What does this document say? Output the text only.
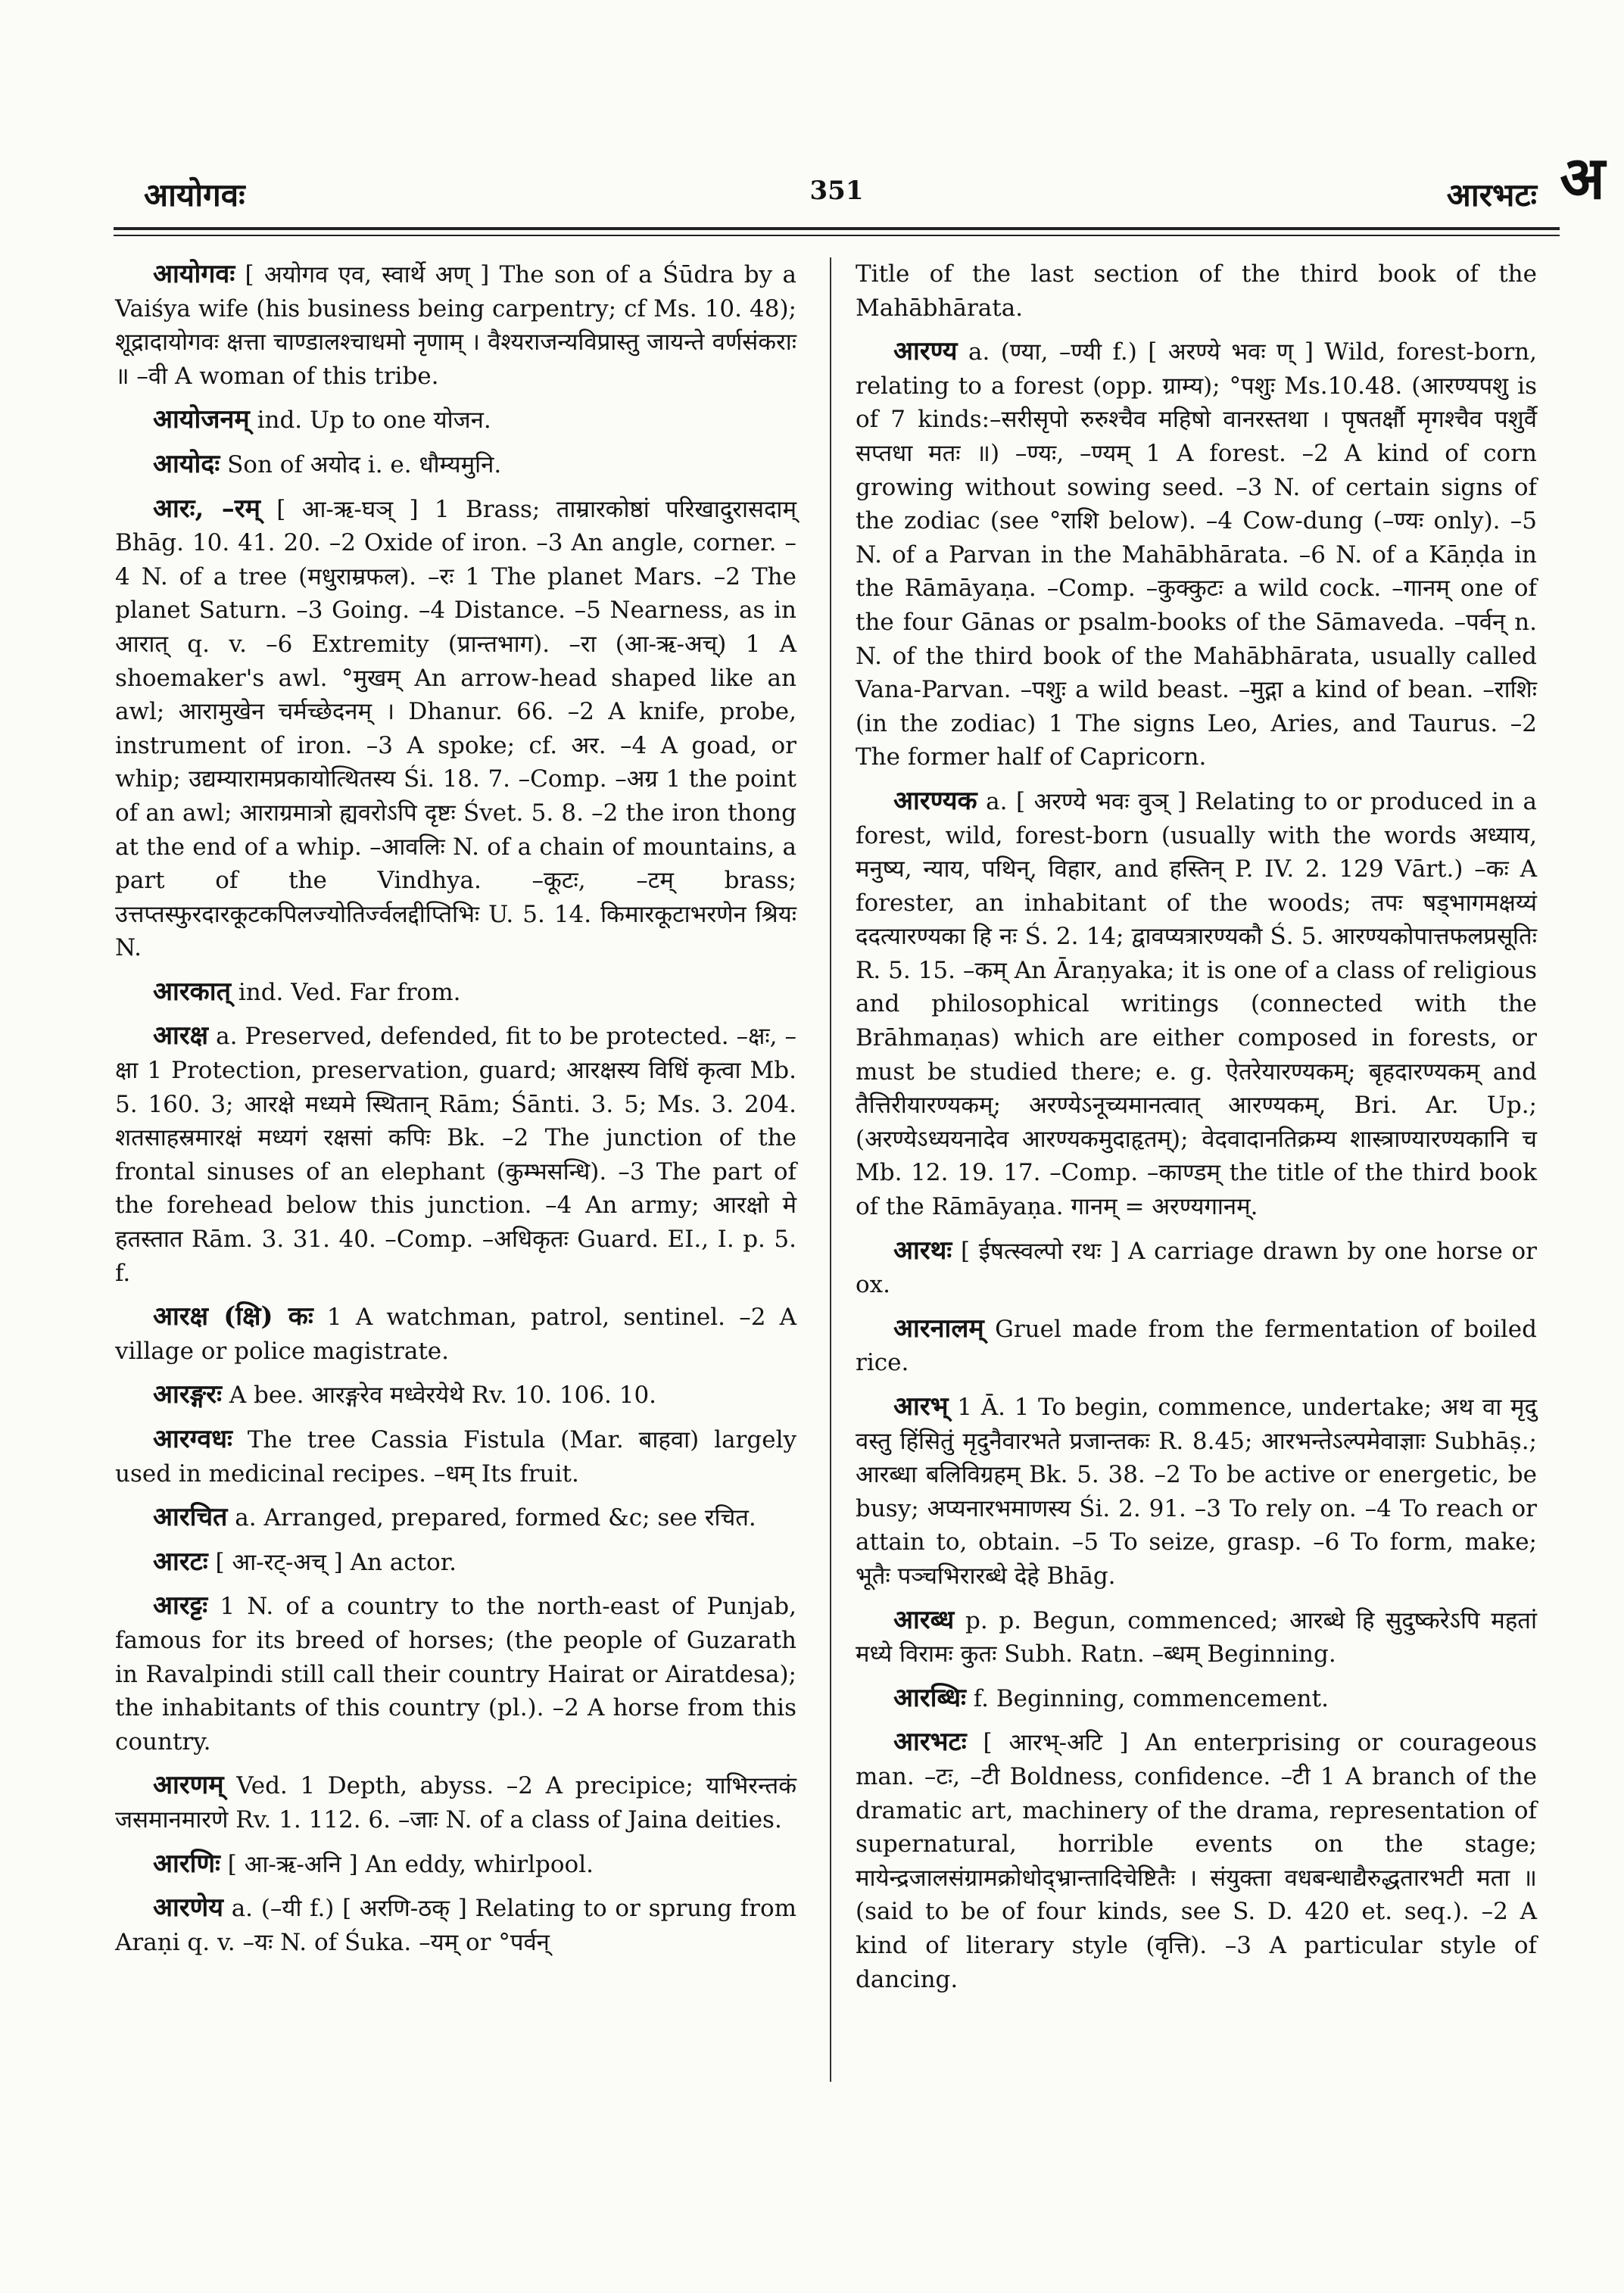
आयोगवः	351	आरभटः अ

आयोगवः [ अयोगव एव, स्वार्थे अण् ] The son of a Śūdra by a Vaiśya wife (his business being carpentry; cf Ms. 10. 48); शूद्रादायोगवः क्षत्ता चाण्डालश्चाधमो नृणाम् । वैश्यराजन्यविप्रास्तु जायन्ते वर्णसंकराः ॥ –वी A woman of this tribe.

आयोजनम् ind. Up to one योजन.

आयोदः Son of अयोद i. e. धौम्यमुनि.

आरः, –रम् [ आ-ऋ-घञ् ] 1 Brass; ताम्रारकोष्ठां परिखादुरासदाम् Bhāg. 10. 41. 20. –2 Oxide of iron. –3 An angle, corner. –4 N. of a tree (मधुराम्रफल). –रः 1 The planet Mars. –2 The planet Saturn. –3 Going. –4 Distance. –5 Nearness, as in आरात् q. v. –6 Extremity (प्रान्तभाग). –रा (आ-ऋ-अच्) 1 A shoemaker's awl. °मुखम् An arrow-head shaped like an awl; आरामुखेन चर्मच्छेदनम् । Dhanur. 66. –2 A knife, probe, instrument of iron. –3 A spoke; cf. अर. –4 A goad, or whip; उद्यम्यारामप्रकायोत्थितस्य Śi. 18. 7. –Comp. –अग्र 1 the point of an awl; आराग्रमात्रो ह्यवरोऽपि दृष्टः Śvet. 5. 8. –2 the iron thong at the end of a whip. –आवलिः N. of a chain of mountains, a part of the Vindhya. –कूटः, –टम् brass; उत्तप्तस्फुरदारकूटकपिलज्योतिर्ज्वलद्दीप्तिभिः U. 5. 14. किमारकूटाभरणेन श्रियः N.

आरकात् ind. Ved. Far from.

आरक्ष a. Preserved, defended, fit to be protected. –क्षः, –क्षा 1 Protection, preservation, guard; आरक्षस्य विधिं कृत्वा Mb. 5. 160. 3; आरक्षे मध्यमे स्थितान् Rām; Śānti. 3. 5; Ms. 3. 204. शतसाहस्रमारक्षं मध्यगं रक्षसां कपिः Bk. –2 The junction of the frontal sinuses of an elephant (कुम्भसन्धि). –3 The part of the forehead below this junction. –4 An army; आरक्षो मे हतस्तात Rām. 3. 31. 40. –Comp. –अधिकृतः Guard. EI., I. p. 5. f.

आरक्ष (क्षि) कः 1 A watchman, patrol, sentinel. –2 A village or police magistrate.

आरङ्गरः A bee. आरङ्गरेव मध्वेरयेथे Rv. 10. 106. 10.

आरग्वधः The tree Cassia Fistula (Mar. बाहवा) largely used in medicinal recipes. –धम् Its fruit.

आरचित a. Arranged, prepared, formed &c; see रचित.

आरटः [ आ-रट्-अच् ] An actor.

आरट्टः 1 N. of a country to the north-east of Punjab, famous for its breed of horses; (the people of Guzarath in Ravalpindi still call their country Hairat or Airatdesa); the inhabitants of this country (pl.). –2 A horse from this country.

आरणम् Ved. 1 Depth, abyss. –2 A precipice; याभिरन्तकं जसमानमारणे Rv. 1. 112. 6. –जाः N. of a class of Jaina deities.

आरणिः [ आ-ऋ-अनि ] An eddy, whirlpool.

आरणेय a. (–यी f.) [ अरणि-ठक् ] Relating to or sprung from Araṇi q. v. –यः N. of Śuka. –यम् or °पर्वन्

Title of the last section of the third book of the Mahābhārata.

आरण्य a. (ण्या, –ण्यी f.) [ अरण्ये भवः ण् ] Wild, forest-born, relating to a forest (opp. ग्राम्य); °पशुः Ms.10.48. (आरण्यपशु is of 7 kinds:–सरीसृपो रुरुश्चैव महिषो वानरस्तथा । पृषतर्क्षौ मृगश्चैव पशुर्वै सप्तधा मतः ॥) –ण्यः, –ण्यम् 1 A forest. –2 A kind of corn growing without sowing seed. –3 N. of certain signs of the zodiac (see °राशि below). –4 Cow-dung (–ण्यः only). –5 N. of a Parvan in the Mahābhārata. –6 N. of a Kāṇḍa in the Rāmāyaṇa. –Comp. –कुक्कुटः a wild cock. –गानम् one of the four Gānas or psalm-books of the Sāmaveda. –पर्वन् n. N. of the third book of the Mahābhārata, usually called Vana-Parvan. –पशुः a wild beast. –मुद्गा a kind of bean. –राशिः (in the zodiac) 1 The signs Leo, Aries, and Taurus. –2 The former half of Capricorn.

आरण्यक a. [ अरण्ये भवः वुञ् ] Relating to or produced in a forest, wild, forest-born (usually with the words अध्याय, मनुष्य, न्याय, पथिन्, विहार, and हस्तिन् P. IV. 2. 129 Vārt.) –कः A forester, an inhabitant of the woods; तपः षड्भागमक्षय्यं ददत्यारण्यका हि नः Ś. 2. 14; द्वावप्यत्रारण्यकौ Ś. 5. आरण्यकोपात्तफलप्रसूतिः R. 5. 15. –कम् An Āraṇyaka; it is one of a class of religious and philosophical writings (connected with the Brāhmaṇas) which are either composed in forests, or must be studied there; e. g. ऐतरेयारण्यकम्; बृहदारण्यकम् and तैत्तिरीयारण्यकम्; अरण्येऽनूच्यमानत्वात् आरण्यकम्, Bri. Ar. Up.; (अरण्येऽध्ययनादेव आरण्यकमुदाहृतम्); वेदवादानतिक्रम्य शास्त्राण्यारण्यकानि च Mb. 12. 19. 17. –Comp. –काण्डम् the title of the third book of the Rāmāyaṇa. गानम् = अरण्यगानम्.

आरथः [ ईषत्स्वल्पो रथः ] A carriage drawn by one horse or ox.

आरनालम् Gruel made from the fermentation of boiled rice.

आरभ् 1 Ā. 1 To begin, commence, undertake; अथ वा मृदु वस्तु हिंसितुं मृदुनैवारभते प्रजान्तकः R. 8.45; आरभन्तेऽल्पमेवाज्ञाः Subhāṣ.; आरब्धा बलिविग्रहम् Bk. 5. 38. –2 To be active or energetic, be busy; अप्यनारभमाणस्य Śi. 2. 91. –3 To rely on. –4 To reach or attain to, obtain. –5 To seize, grasp. –6 To form, make; भूतैः पञ्चभिरारब्धे देहे Bhāg.

आरब्ध p. p. Begun, commenced; आरब्धे हि सुदुष्करेऽपि महतां मध्ये विरामः कुतः Subh. Ratn. –ब्धम् Beginning.

आरब्धिः f. Beginning, commencement.

आरभटः [ आरभ्-अटि ] An enterprising or courageous man. –टः, –टी Boldness, confidence. –टी 1 A branch of the dramatic art, machinery of the drama, representation of supernatural, horrible events on the stage; मायेन्द्रजालसंग्रामक्रोधोद्भ्रान्तादिचेष्टितैः । संयुक्ता वधबन्धाद्यैरुद्धतारभटी मता ॥ (said to be of four kinds, see S. D. 420 et. seq.). –2 A kind of literary style (वृत्ति). –3 A particular style of dancing.
